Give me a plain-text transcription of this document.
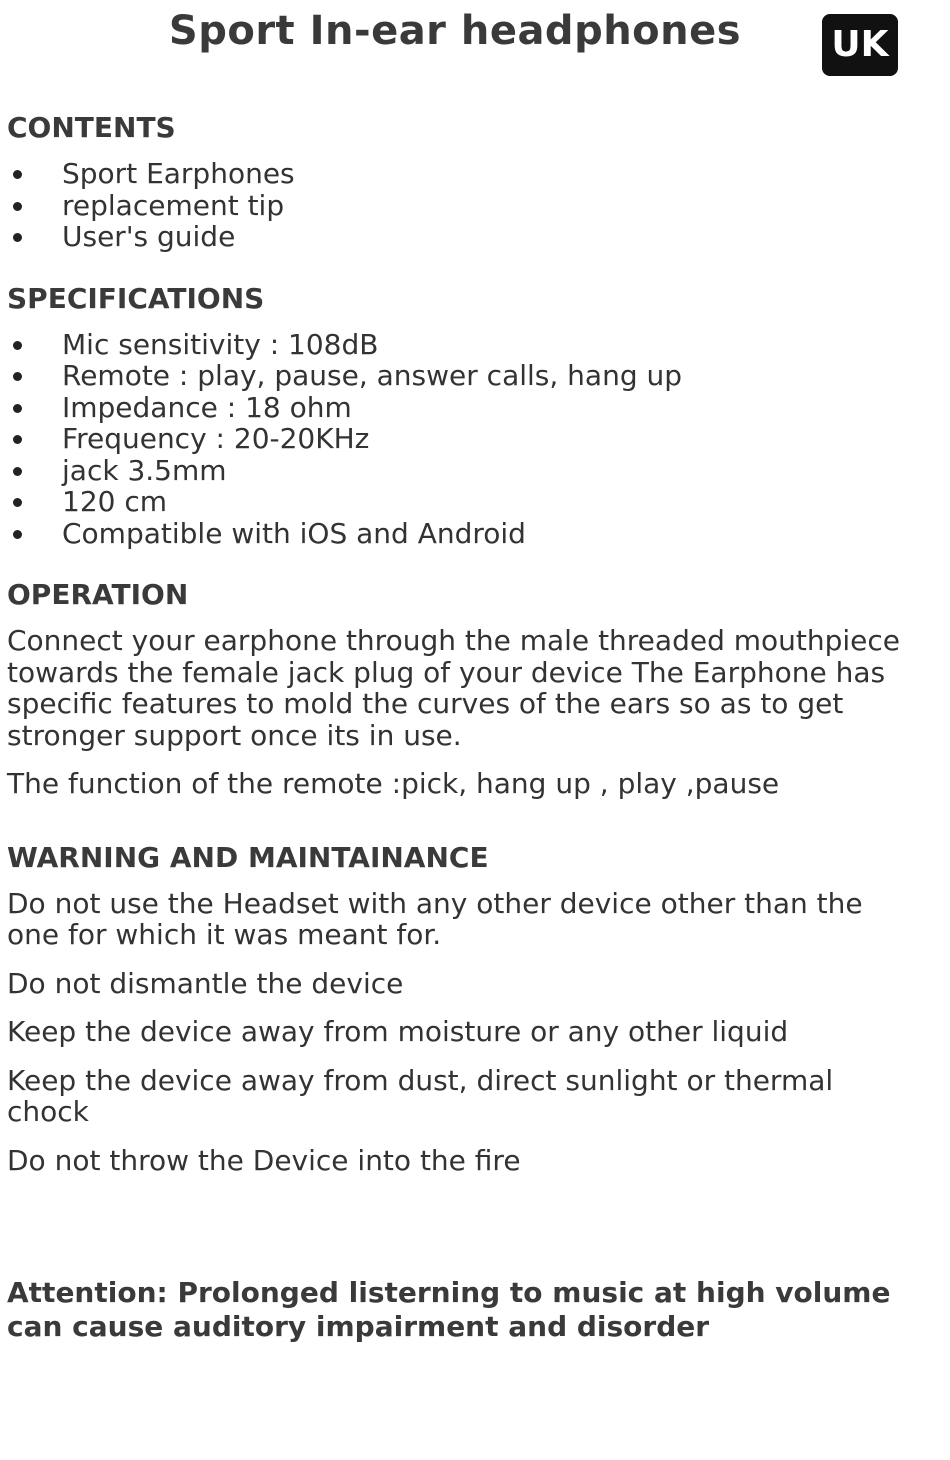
Sport In-ear headphones	UK
CONTENTS
Sport Earphones
replacement tip
User's guide
SPECIFICATIONS
Mic sensitivity : 108dB
Remote : play, pause, answer calls, hang up
Impedance : 18 ohm
Frequency : 20-20KHz
jack 3.5mm
120 cm
Compatible with iOS and Android
OPERATION

Connect your earphone through the male threaded mouthpiece towards the female jack plug of your device The Earphone has specific features to mold the curves of the ears so as to get stronger support once its in use.

The function of the remote :pick, hang up , play ,pause

WARNING AND MAINTAINANCE

Do not use the Headset with any other device other than the one for which it was meant for.

Do not dismantle the device

Keep the device away from moisture or any other liquid

Keep the device away from dust, direct sunlight or thermal chock

Do not throw the Device into the fire

Attention: Prolonged listerning to music at high volume can cause auditory impairment and disorder
